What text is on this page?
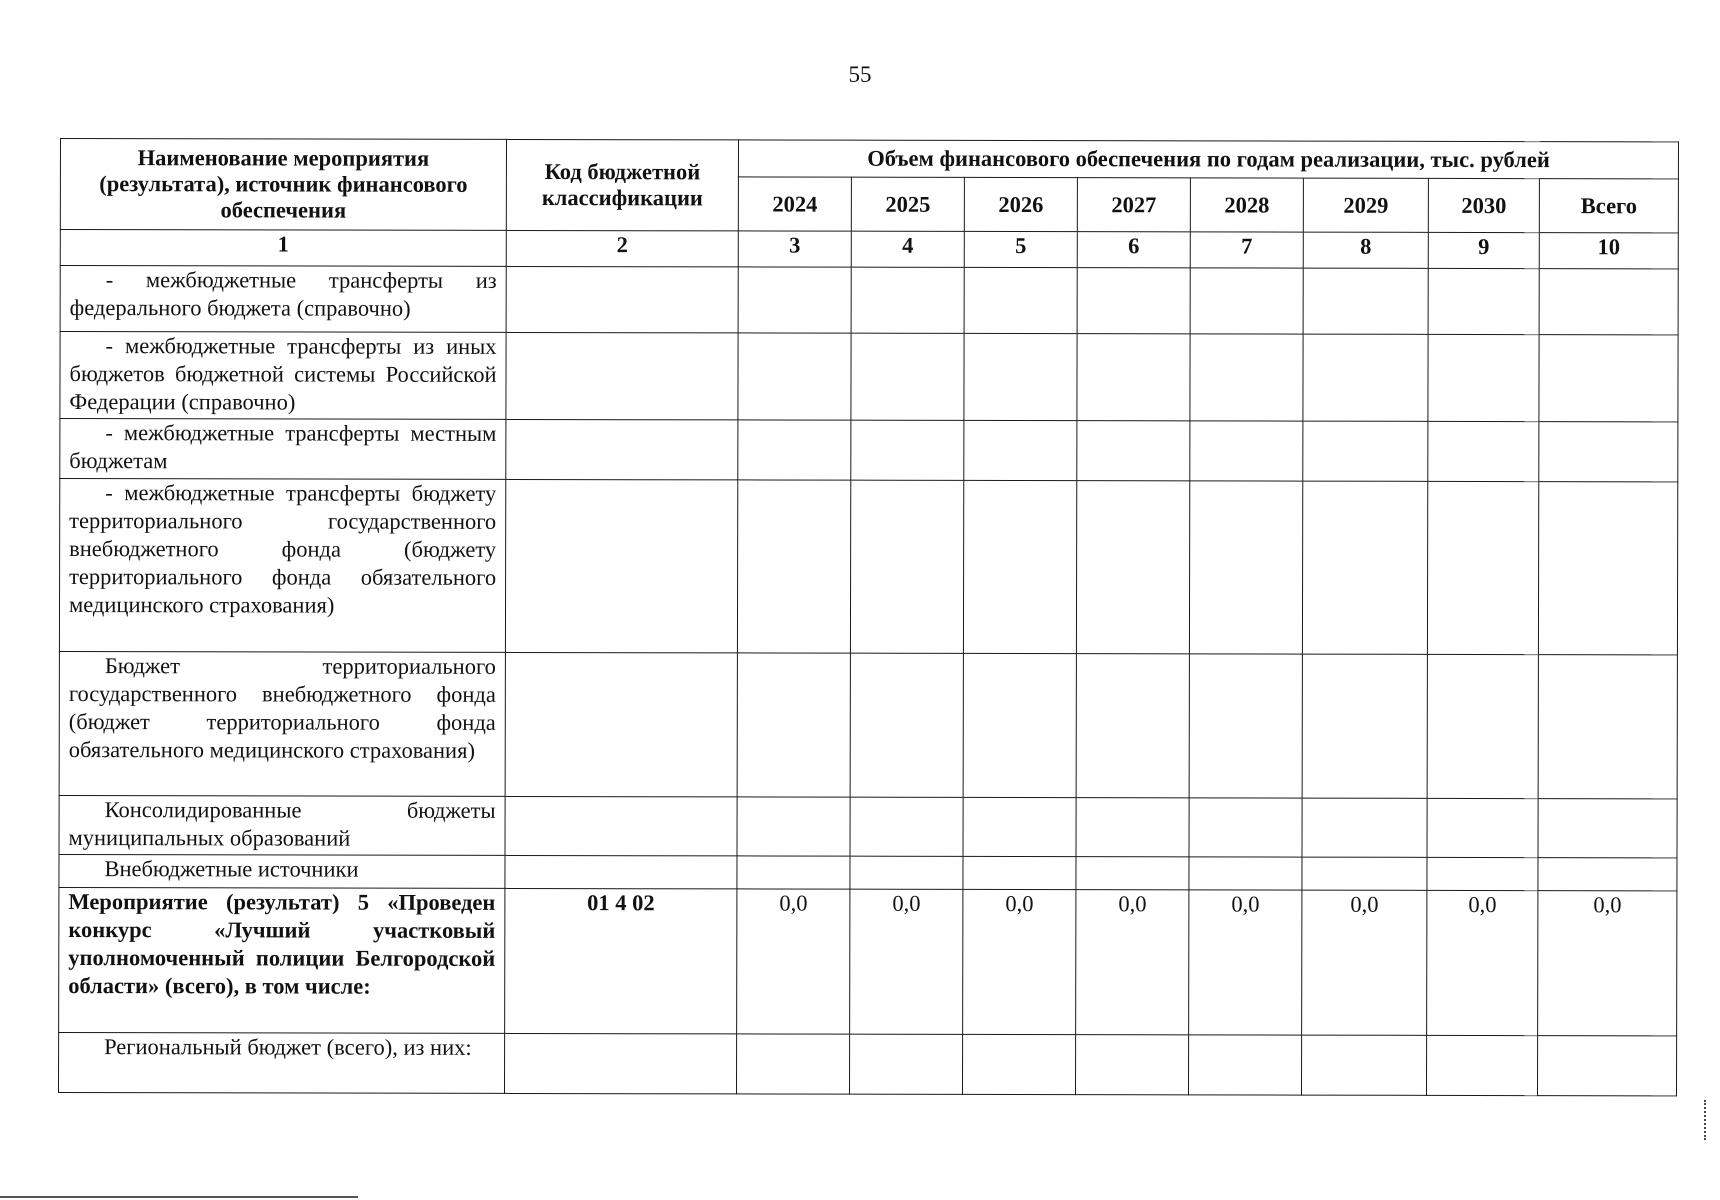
55
Наименование мероприятия (результата), источник финансового обеспечения	Код бюджетной классификации	Объем финансового обеспечения по годам реализации, тыс. рублей							
		2024	2025	2026	2027	2028	2029	2030	Всего
1	2	3	4	5	6	7	8	9	10

- межбюджетные трансферты из федерального бюджета (справочно)									

- межбюджетные трансферты из иных бюджетов бюджетной системы Российской Федерации (справочно)									

- межбюджетные трансферты местным бюджетам									

- межбюджетные трансферты бюджету территориального государственного внебюджетного фонда (бюджету территориального фонда обязательного медицинского страхования)									

Бюджет территориального государственного внебюджетного фонда (бюджет территориального фонда обязательного медицинского страхования)									

Консолидированные бюджеты муниципальных образований									

Внебюджетные источники									

Мероприятие (результат) 5 «Проведен конкурс «Лучший участковый уполномоченный полиции Белгородской области» (всего), в том числе:	01 4 02	0,0	0,0	0,0	0,0	0,0	0,0	0,0	0,0

Региональный бюджет (всего), из них:									
